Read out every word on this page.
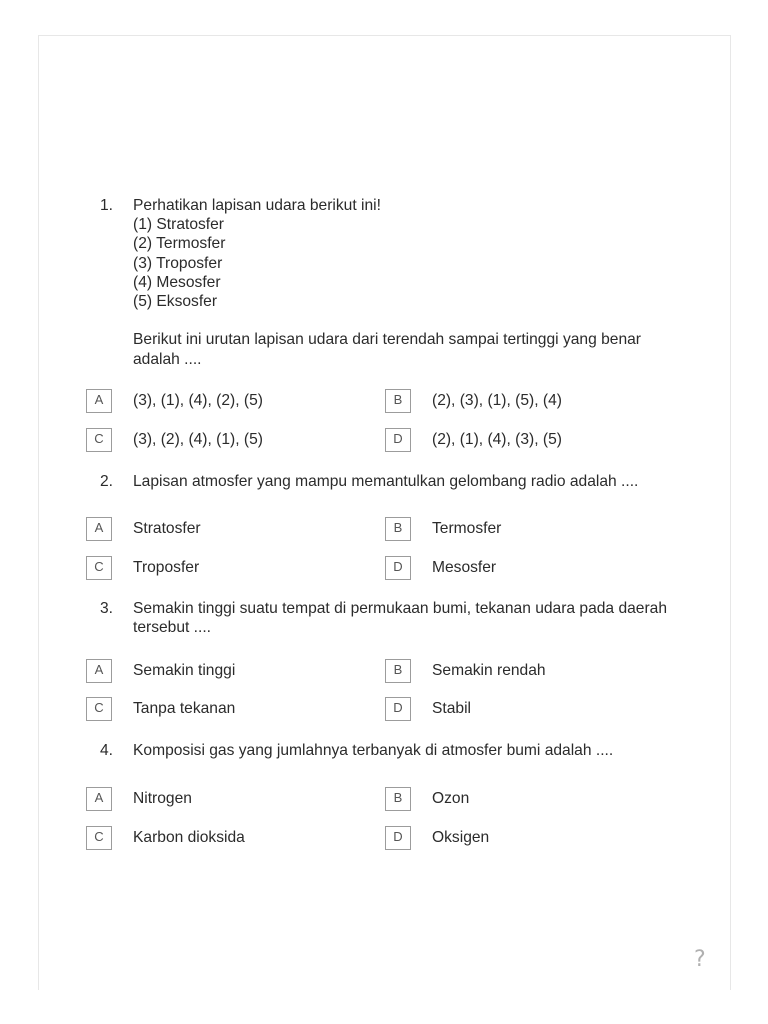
1. Perhatikan lapisan udara berikut ini!
(1) Stratosfer
(2) Termosfer
(3) Troposfer
(4) Mesosfer
(5) Eksosfer
Berikut ini urutan lapisan udara dari terendah sampai tertinggi yang benar adalah ....
A	(3), (1), (4), (2), (5)	B	(2), (3), (1), (5), (4)
C	(3), (2), (4), (1), (5)	D	(2), (1), (4), (3), (5)
2. Lapisan atmosfer yang mampu memantulkan gelombang radio adalah ....
A	Stratosfer	B	Termosfer
C	Troposfer	D	Mesosfer
3. Semakin tinggi suatu tempat di permukaan bumi, tekanan udara pada daerah tersebut ....
A	Semakin tinggi	B	Semakin rendah
C	Tanpa tekanan	D	Stabil
4. Komposisi gas yang jumlahnya terbanyak di atmosfer bumi adalah ....
A	Nitrogen	B	Ozon
C	Karbon dioksida	D	Oksigen
?
